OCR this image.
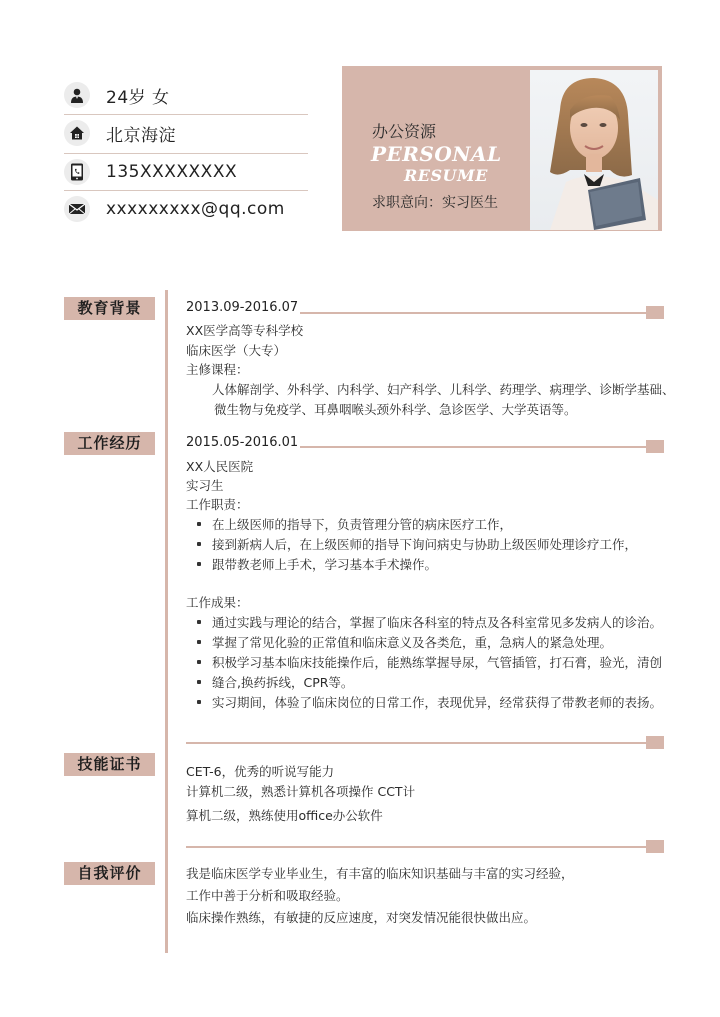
24岁 女
北京海淀
135XXXXXXXX
xxxxxxxxx@qq.com
办公资源
PERSONAL
RESUME
求职意向：实习医生
教育背景	2013.09-2016.07
XX医学高等专科学校
临床医学（大专）
主修课程：
人体解剖学、外科学、内科学、妇产科学、儿科学、药理学、病理学、诊断学基础、
微生物与免疫学、耳鼻咽喉头颈外科学、急诊医学、大学英语等。
工作经历	2015.05-2016.01
XX人民医院
实习生
工作职责：
在上级医师的指导下，负责管理分管的病床医疗工作，
接到新病人后，在上级医师的指导下询问病史与协助上级医师处理诊疗工作，
跟带教老师上手术，学习基本手术操作。
工作成果：
通过实践与理论的结合，掌握了临床各科室的特点及各科室常见多发病人的诊治。
掌握了常见化验的正常值和临床意义及各类危，重，急病人的紧急处理。
积极学习基本临床技能操作后，能熟练掌握导尿，气管插管，打石膏，验光，清创
缝合,换药拆线，CPR等。
实习期间，体验了临床岗位的日常工作，表现优异，经常获得了带教老师的表扬。
技能证书	CET-6，优秀的听说写能力
计算机二级，熟悉计算机各项操作 CCT计
算机二级，熟练使用office办公软件
自我评价	我是临床医学专业毕业生，有丰富的临床知识基础与丰富的实习经验，
工作中善于分析和吸取经验。
临床操作熟练，有敏捷的反应速度，对突发情况能很快做出应。
